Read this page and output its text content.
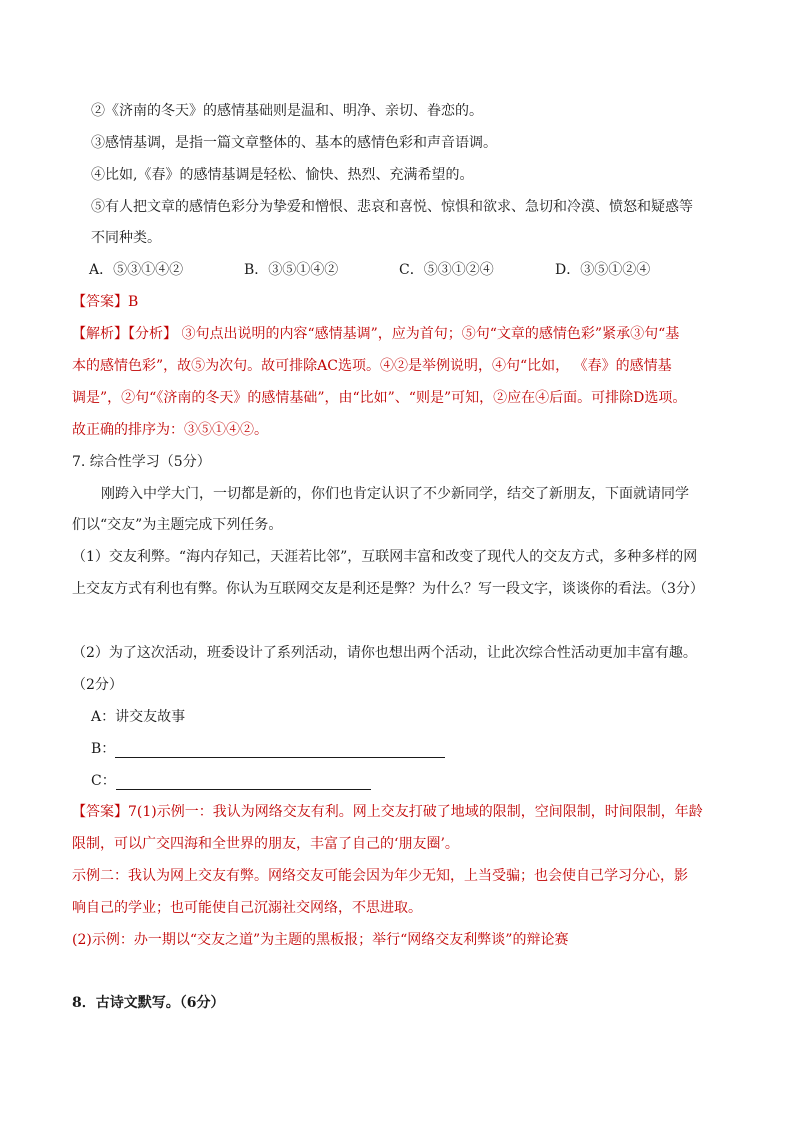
②《济南的冬天》的感情基础则是温和、明净、亲切、眷恋的。
③感情基调，是指一篇文章整体的、基本的感情色彩和声音语调。
④比如,《春》的感情基调是轻松、愉快、热烈、充满希望的。
⑤有人把文章的感情色彩分为挚爱和憎恨、悲哀和喜悦、惊惧和欲求、急切和冷漠、愤怒和疑惑等
不同种类。
A．⑤③①④②	B．③⑤①④②	C．⑤③①②④	D．③⑤①②④
【答案】B
【解析】【分析】 ③句点出说明的内容“感情基调”，应为首句；⑤句“文章的感情色彩”紧承③句“基
本的感情色彩”，故⑤为次句。故可排除AC选项。④②是举例说明，④句“比如， 《春》的感情基
调是”，②句“《济南的冬天》的感情基础”，由“比如”、“则是”可知，②应在④后面。可排除D选项。
故正确的排序为：③⑤①④②。
7. 综合性学习（5分）
刚跨入中学大门，一切都是新的，你们也肯定认识了不少新同学，结交了新朋友，下面就请同学
们以“交友”为主题完成下列任务。
（1）交友利弊。“海内存知己，天涯若比邻”，互联网丰富和改变了现代人的交友方式，多种多样的网
上交友方式有利也有弊。你认为互联网交友是利还是弊？为什么？写一段文字，谈谈你的看法。（3分）
（2）为了这次活动，班委设计了系列活动，请你也想出两个活动，让此次综合性活动更加丰富有趣。
（2分）
A：讲交友故事
B：
C：
【答案】7(1)示例一：我认为网络交友有利。网上交友打破了地域的限制，空间限制，时间限制，年龄
限制，可以广交四海和全世界的朋友，丰富了自己的‘朋友圈’。
示例二：我认为网上交友有弊。网络交友可能会因为年少无知，上当受骗；也会使自己学习分心，影
响自己的学业；也可能使自己沉溺社交网络，不思进取。
(2)示例：办一期以“交友之道”为主题的黑板报；举行“网络交友利弊谈”的辩论赛
8．古诗文默写。（6分）
